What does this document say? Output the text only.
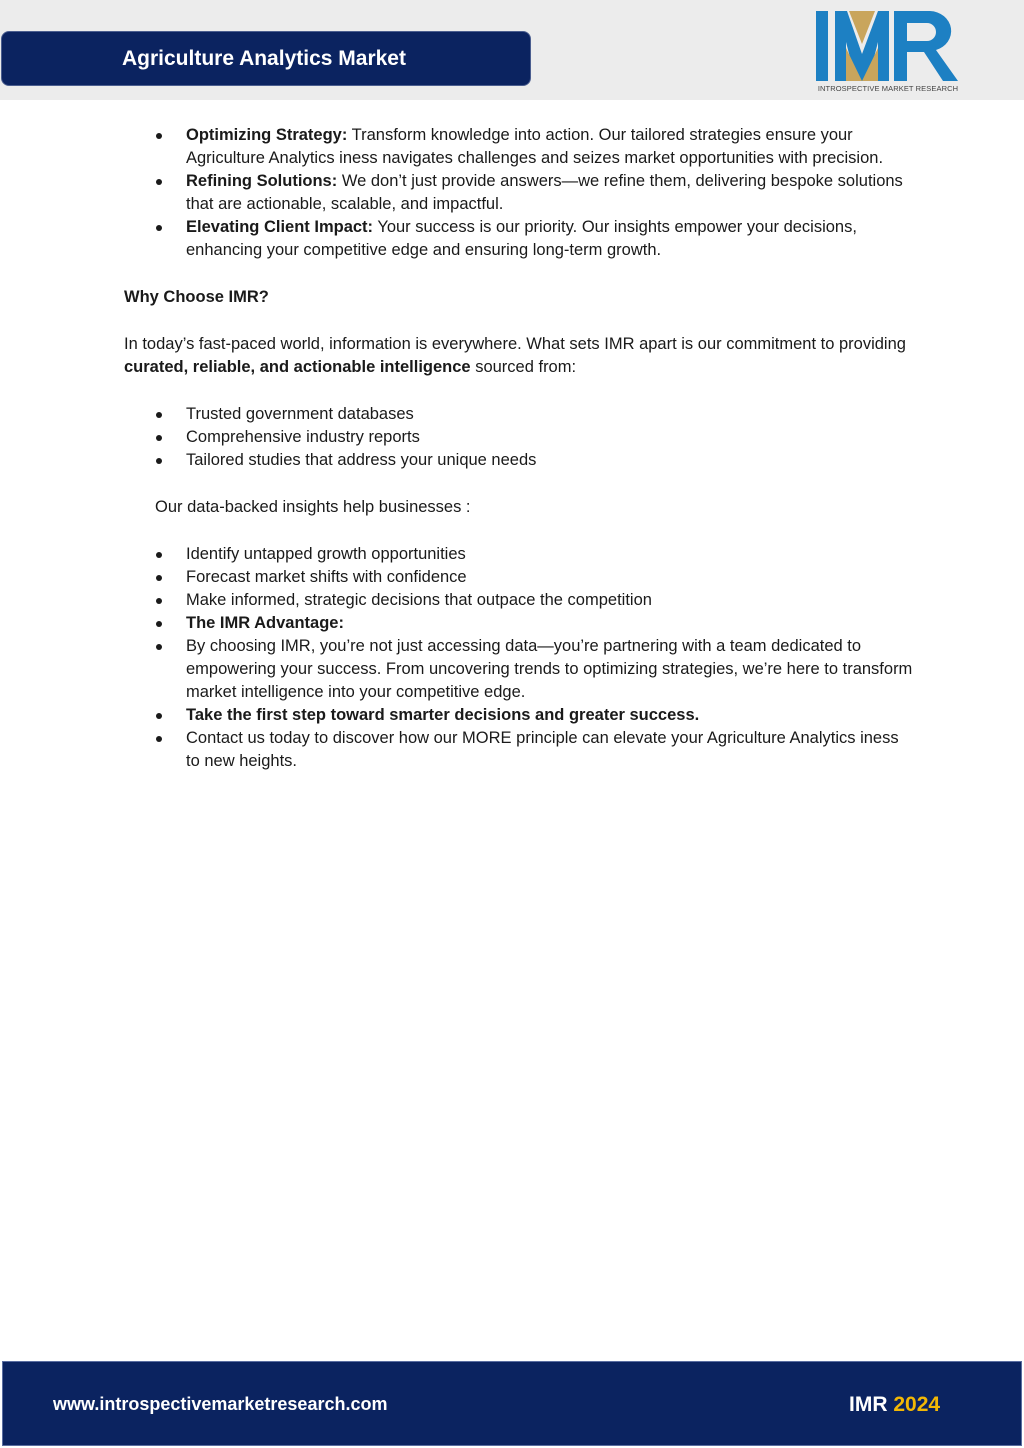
Agriculture Analytics Market
INTROSPECTIVE MARKET RESEARCH
Optimizing Strategy: Transform knowledge into action. Our tailored strategies ensure your Agriculture Analytics iness navigates challenges and seizes market opportunities with precision.
Refining Solutions: We don’t just provide answers—we refine them, delivering bespoke solutions that are actionable, scalable, and impactful.
Elevating Client Impact: Your success is our priority. Our insights empower your decisions, enhancing your competitive edge and ensuring long-term growth.

Why Choose IMR?

In today’s fast-paced world, information is everywhere. What sets IMR apart is our commitment to providing curated, reliable, and actionable intelligence sourced from:

Trusted government databases
Comprehensive industry reports
Tailored studies that address your unique needs

Our data-backed insights help businesses :

Identify untapped growth opportunities
Forecast market shifts with confidence
Make informed, strategic decisions that outpace the competition
The IMR Advantage:
By choosing IMR, you’re not just accessing data—you’re partnering with a team dedicated to empowering your success. From uncovering trends to optimizing strategies, we’re here to transform market intelligence into your competitive edge.
Take the first step toward smarter decisions and greater success.
Contact us today to discover how our MORE principle can elevate your Agriculture Analytics iness to new heights.
www.introspectivemarketresearch.com	IMR 2024
